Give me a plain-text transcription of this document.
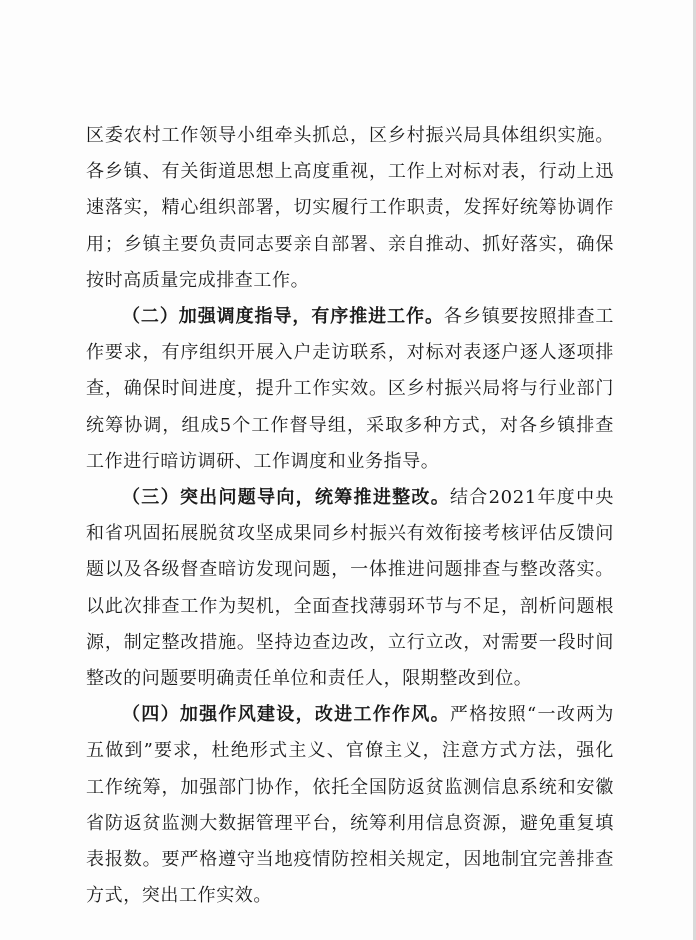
区委农村工作领导小组牵头抓总，区乡村振兴局具体组织实施。各乡镇、有关街道思想上高度重视，工作上对标对表，行动上迅速落实，精心组织部署，切实履行工作职责，发挥好统筹协调作用；乡镇主要负责同志要亲自部署、亲自推动、抓好落实，确保按时高质量完成排查工作。

（二）加强调度指导，有序推进工作。各乡镇要按照排查工作要求，有序组织开展入户走访联系，对标对表逐户逐人逐项排查，确保时间进度，提升工作实效。区乡村振兴局将与行业部门统筹协调，组成5个工作督导组，采取多种方式，对各乡镇排查工作进行暗访调研、工作调度和业务指导。

（三）突出问题导向，统筹推进整改。结合2021年度中央和省巩固拓展脱贫攻坚成果同乡村振兴有效衔接考核评估反馈问题以及各级督查暗访发现问题，一体推进问题排查与整改落实。以此次排查工作为契机，全面查找薄弱环节与不足，剖析问题根源，制定整改措施。坚持边查边改，立行立改，对需要一段时间整改的问题要明确责任单位和责任人，限期整改到位。

（四）加强作风建设，改进工作作风。严格按照“一改两为五做到”要求，杜绝形式主义、官僚主义，注意方式方法，强化工作统筹，加强部门协作，依托全国防返贫监测信息系统和安徽省防返贫监测大数据管理平台，统筹利用信息资源，避免重复填表报数。要严格遵守当地疫情防控相关规定，因地制宜完善排查方式，突出工作实效。
